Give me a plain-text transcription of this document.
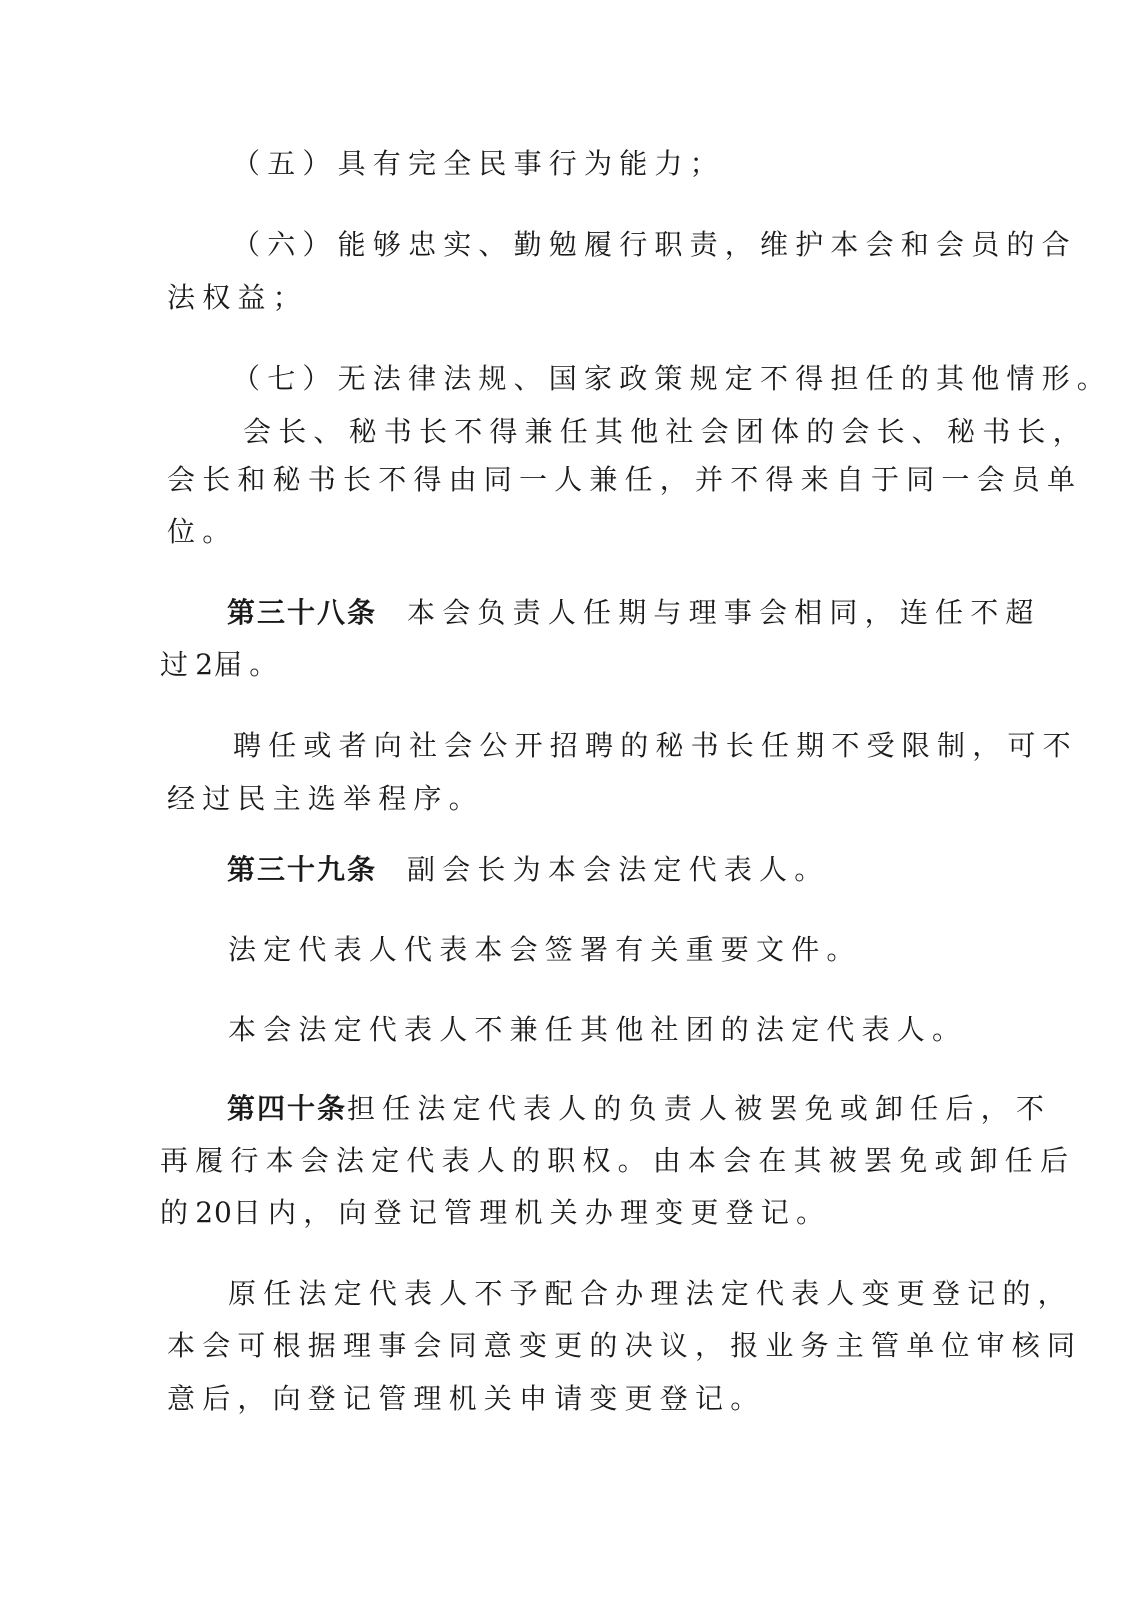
（五）具有完全民事行为能力；
（六）能够忠实、勤勉履行职责，维护本会和会员的合
法权益；
（七）无法律法规、国家政策规定不得担任的其他情形。
会长、秘书长不得兼任其他社会团体的会长、秘书长，
会长和秘书长不得由同一人兼任，并不得来自于同一会员单
位。
第三十八条 本会负责人任期与理事会相同，连任不超
过2届。
聘任或者向社会公开招聘的秘书长任期不受限制，可不
经过民主选举程序。
第三十九条 副会长为本会法定代表人。
法定代表人代表本会签署有关重要文件。
本会法定代表人不兼任其他社团的法定代表人。
第四十条担任法定代表人的负责人被罢免或卸任后，不
再履行本会法定代表人的职权。由本会在其被罢免或卸任后
的20日内，向登记管理机关办理变更登记。
原任法定代表人不予配合办理法定代表人变更登记的，
本会可根据理事会同意变更的决议，报业务主管单位审核同
意后，向登记管理机关申请变更登记。
